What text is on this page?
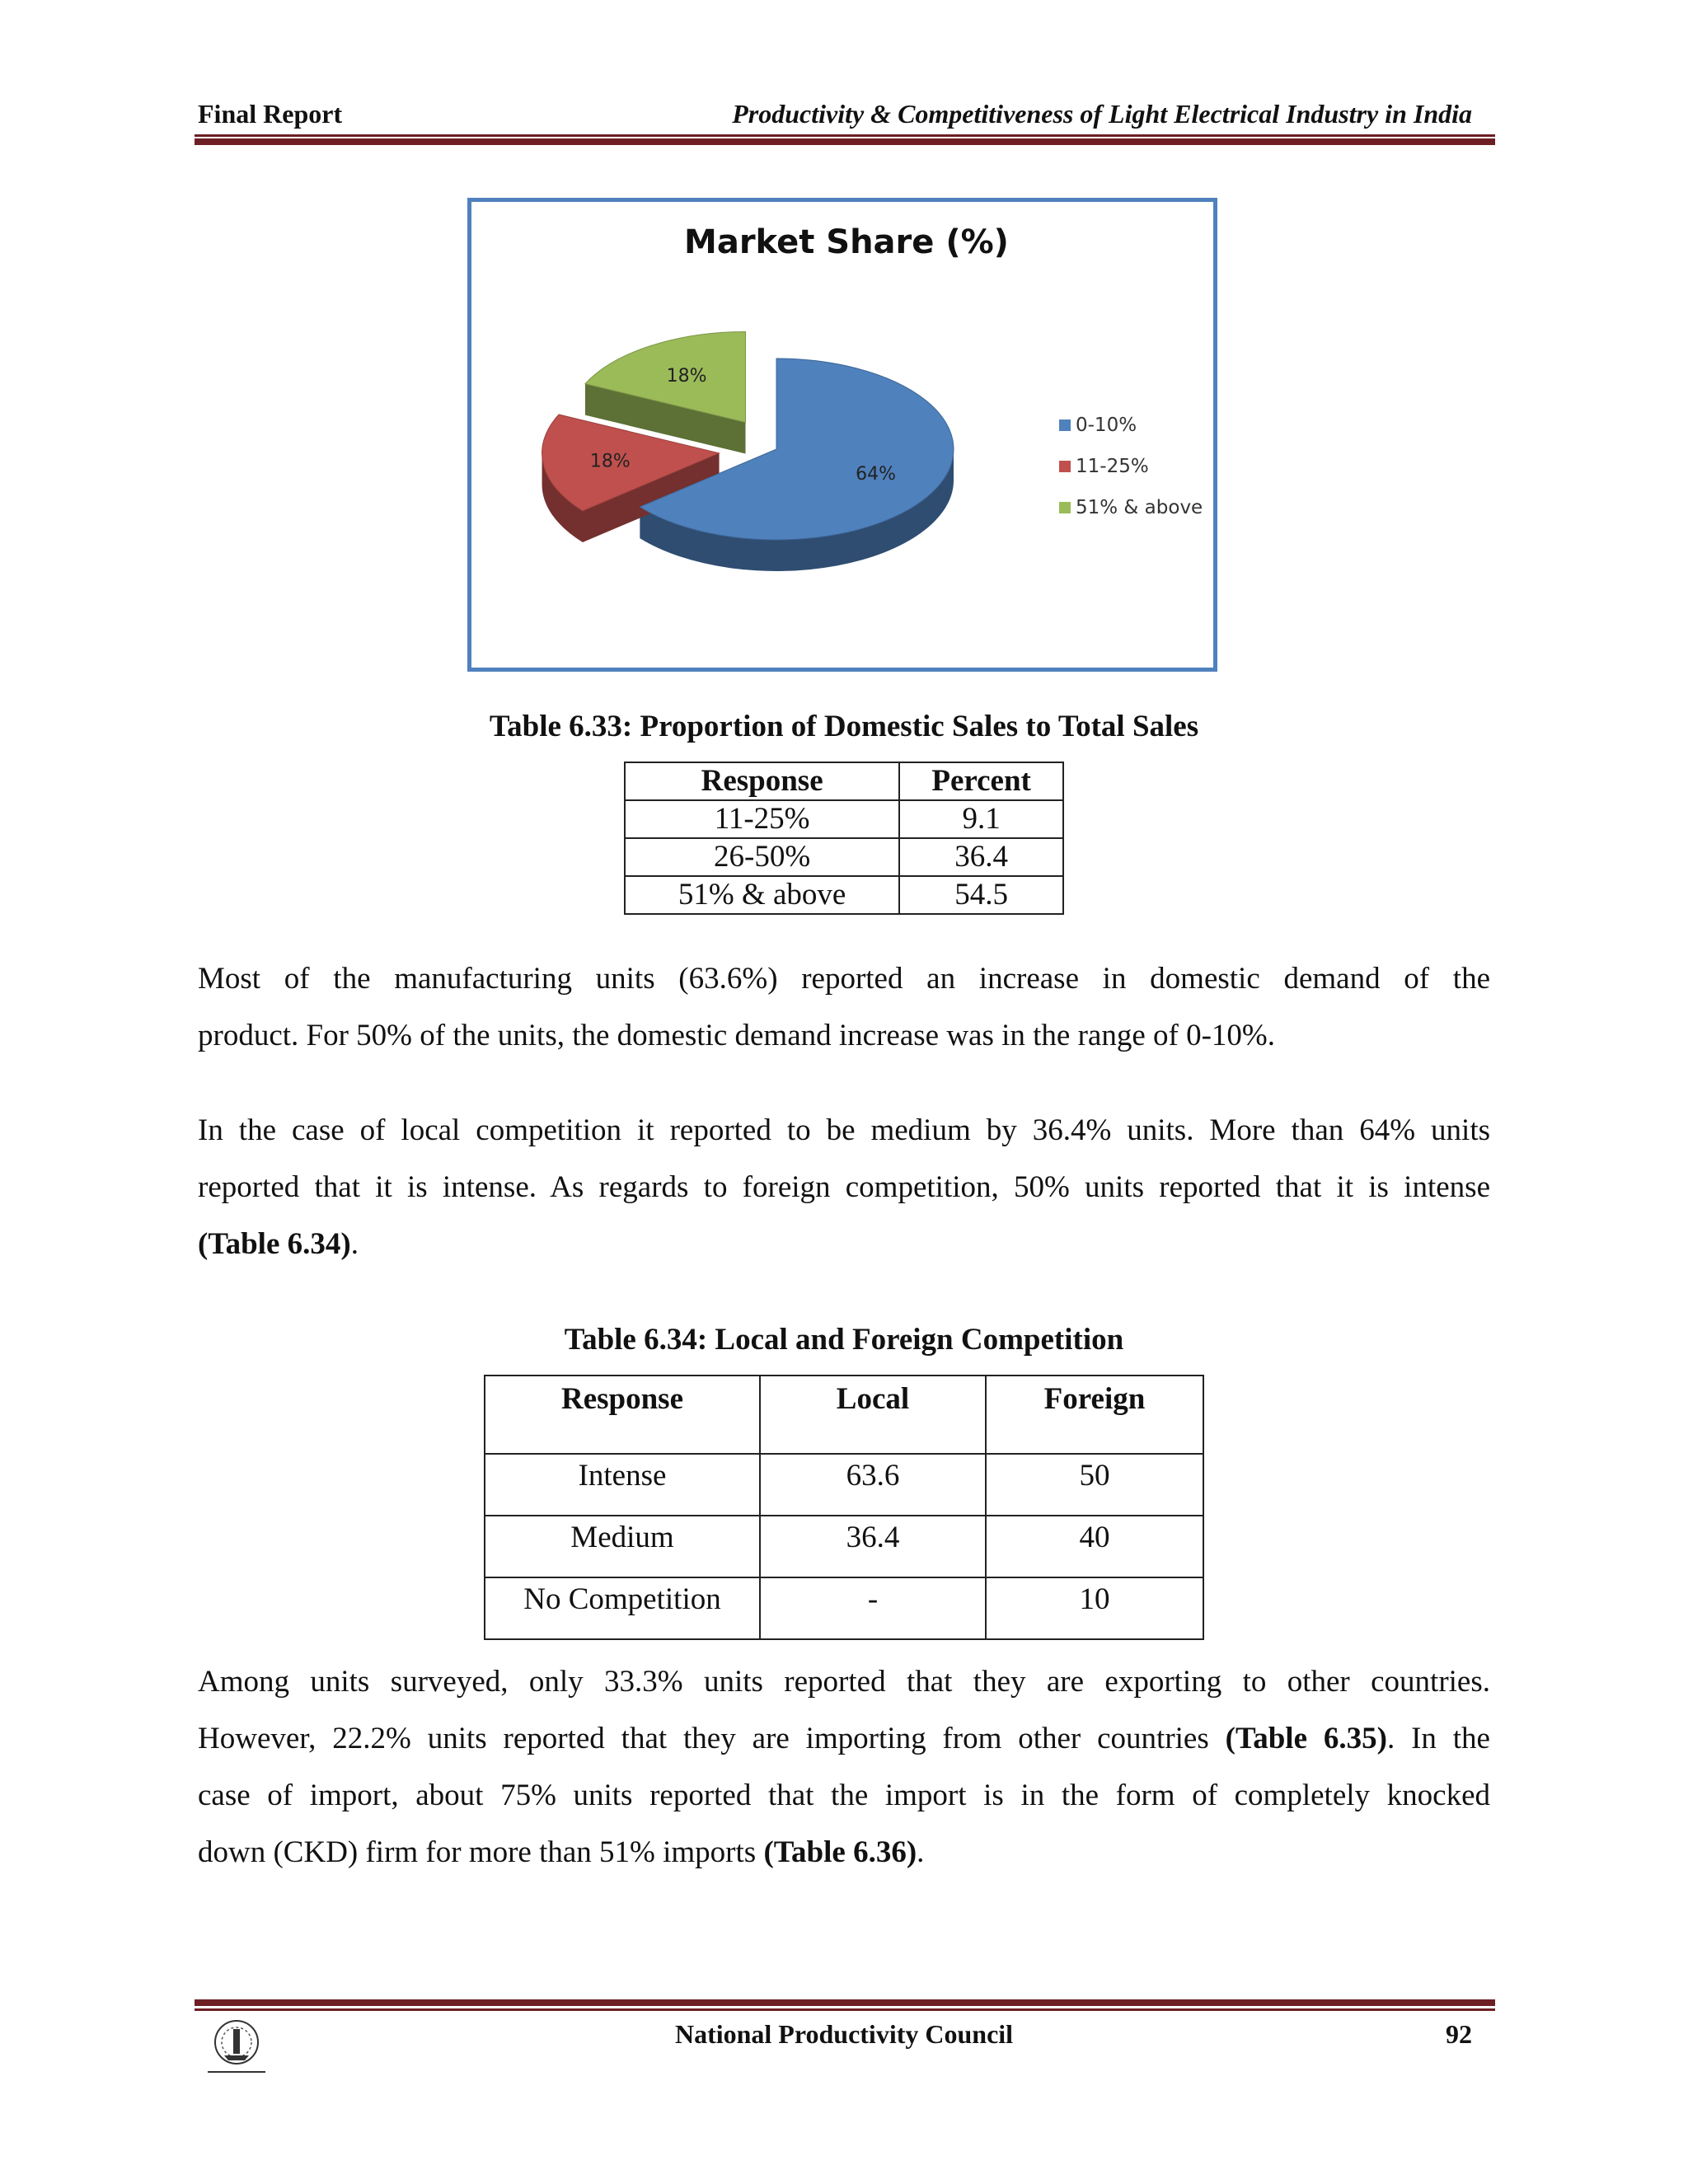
Final Report	Productivity & Competitiveness of Light Electrical Industry in India
Market Share (%)
64%
18%
18%
0-10%
11-25%
51% & above
Table 6.33: Proportion of Domestic Sales to Total Sales
Response	Percent
11-25%	9.1
26-50%	36.4
51% & above	54.5
Most of the manufacturing units (63.6%) reported an increase in domestic demand of the
product. For 50% of the units, the domestic demand increase was in the range of 0-10%.
In the case of local competition it reported to be medium by 36.4% units. More than 64% units
reported that it is intense. As regards to foreign competition, 50% units reported that it is intense
(Table 6.34).
Table 6.34: Local and Foreign Competition
Response	Local	Foreign
Intense	63.6	50
Medium	36.4	40
No Competition	-	10
Among units surveyed, only 33.3% units reported that they are exporting to other countries.
However, 22.2% units reported that they are importing from other countries (Table 6.35). In the
case of import, about 75% units reported that the import is in the form of completely knocked
down (CKD) firm for more than 51% imports (Table 6.36).
National Productivity Council	92
